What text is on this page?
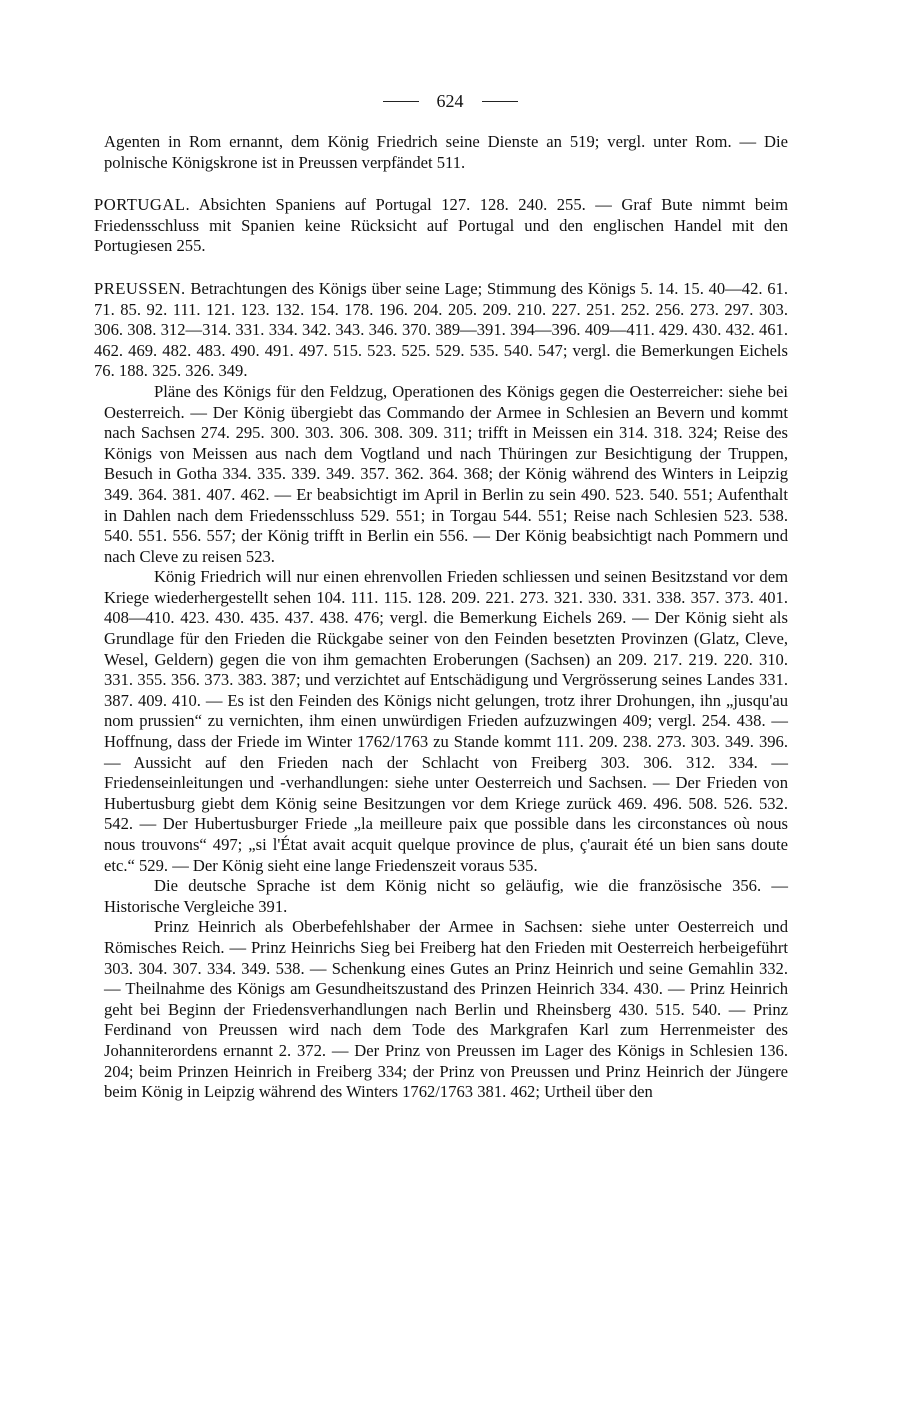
624

Agenten in Rom ernannt, dem König Friedrich seine Dienste an 519; vergl. unter Rom. — Die polnische Königskrone ist in Preussen verpfändet 511.

PORTUGAL. Absichten Spaniens auf Portugal 127. 128. 240. 255. — Graf Bute nimmt beim Friedensschluss mit Spanien keine Rücksicht auf Portugal und den englischen Handel mit den Portugiesen 255.

PREUSSEN. Betrachtungen des Königs über seine Lage; Stimmung des Königs 5. 14. 15. 40—42. 61. 71. 85. 92. 111. 121. 123. 132. 154. 178. 196. 204. 205. 209. 210. 227. 251. 252. 256. 273. 297. 303. 306. 308. 312—314. 331. 334. 342. 343. 346. 370. 389—391. 394—396. 409—411. 429. 430. 432. 461. 462. 469. 482. 483. 490. 491. 497. 515. 523. 525. 529. 535. 540. 547; vergl. die Bemerkungen Eichels 76. 188. 325. 326. 349.

Pläne des Königs für den Feldzug, Operationen des Königs gegen die Oesterreicher: siehe bei Oesterreich. — Der König übergiebt das Commando der Armee in Schlesien an Bevern und kommt nach Sachsen 274. 295. 300. 303. 306. 308. 309. 311; trifft in Meissen ein 314. 318. 324; Reise des Königs von Meissen aus nach dem Vogtland und nach Thüringen zur Besichtigung der Truppen, Besuch in Gotha 334. 335. 339. 349. 357. 362. 364. 368; der König während des Winters in Leipzig 349. 364. 381. 407. 462. — Er beabsichtigt im April in Berlin zu sein 490. 523. 540. 551; Aufenthalt in Dahlen nach dem Friedensschluss 529. 551; in Torgau 544. 551; Reise nach Schlesien 523. 538. 540. 551. 556. 557; der König trifft in Berlin ein 556. — Der König beabsichtigt nach Pommern und nach Cleve zu reisen 523.

König Friedrich will nur einen ehrenvollen Frieden schliessen und seinen Besitzstand vor dem Kriege wiederhergestellt sehen 104. 111. 115. 128. 209. 221. 273. 321. 330. 331. 338. 357. 373. 401. 408—410. 423. 430. 435. 437. 438. 476; vergl. die Bemerkung Eichels 269. — Der König sieht als Grundlage für den Frieden die Rückgabe seiner von den Feinden besetzten Provinzen (Glatz, Cleve, Wesel, Geldern) gegen die von ihm gemachten Eroberungen (Sachsen) an 209. 217. 219. 220. 310. 331. 355. 356. 373. 383. 387; und verzichtet auf Entschädigung und Vergrösserung seines Landes 331. 387. 409. 410. — Es ist den Feinden des Königs nicht gelungen, trotz ihrer Drohungen, ihn „jusqu'au nom prussien“ zu vernichten, ihm einen unwürdigen Frieden aufzuzwingen 409; vergl. 254. 438. — Hoffnung, dass der Friede im Winter 1762/1763 zu Stande kommt 111. 209. 238. 273. 303. 349. 396. — Aussicht auf den Frieden nach der Schlacht von Freiberg 303. 306. 312. 334. — Friedenseinleitungen und -verhandlungen: siehe unter Oesterreich und Sachsen. — Der Frieden von Hubertusburg giebt dem König seine Besitzungen vor dem Kriege zurück 469. 496. 508. 526. 532. 542. — Der Hubertusburger Friede „la meilleure paix que possible dans les circonstances où nous nous trouvons“ 497; „si l'État avait acquit quelque province de plus, ç'aurait été un bien sans doute etc.“ 529. — Der König sieht eine lange Friedenszeit voraus 535.

Die deutsche Sprache ist dem König nicht so geläufig, wie die französische 356. — Historische Vergleiche 391.

Prinz Heinrich als Oberbefehlshaber der Armee in Sachsen: siehe unter Oesterreich und Römisches Reich. — Prinz Heinrichs Sieg bei Freiberg hat den Frieden mit Oesterreich herbeigeführt 303. 304. 307. 334. 349. 538. — Schenkung eines Gutes an Prinz Heinrich und seine Gemahlin 332. — Theilnahme des Königs am Gesundheitszustand des Prinzen Heinrich 334. 430. — Prinz Heinrich geht bei Beginn der Friedensverhandlungen nach Berlin und Rheinsberg 430. 515. 540. — Prinz Ferdinand von Preussen wird nach dem Tode des Markgrafen Karl zum Herrenmeister des Johanniterordens ernannt 2. 372. — Der Prinz von Preussen im Lager des Königs in Schlesien 136. 204; beim Prinzen Heinrich in Freiberg 334; der Prinz von Preussen und Prinz Heinrich der Jüngere beim König in Leipzig während des Winters 1762/1763 381. 462; Urtheil über den
